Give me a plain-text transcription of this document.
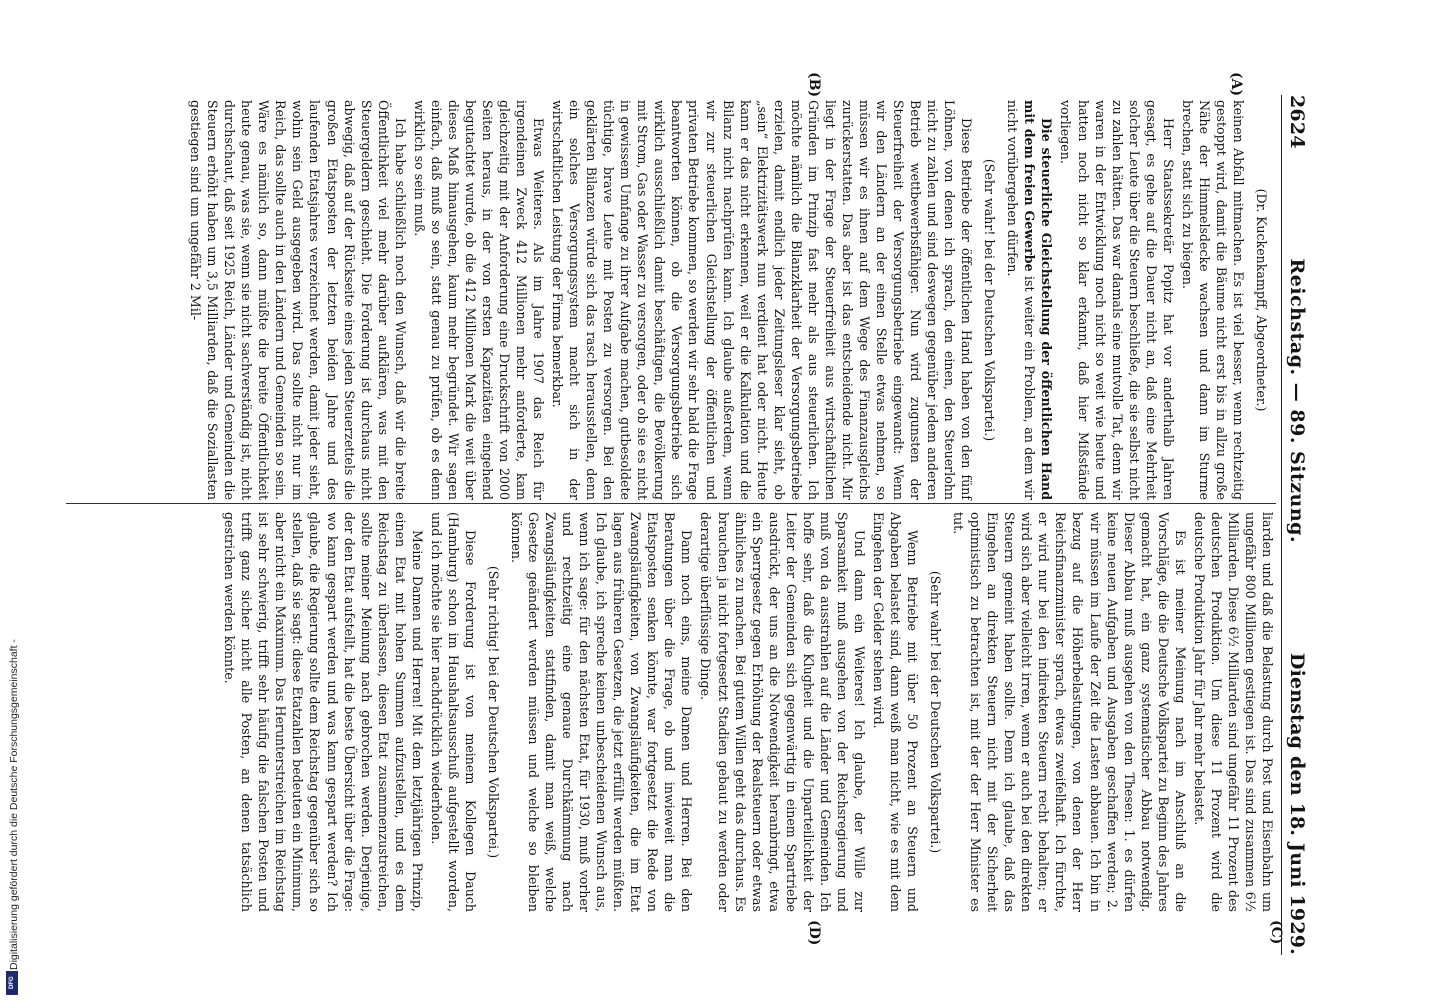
2624
Reichstag. — 89. Sitzung.
Dienstag den 18. Juni 1929.
(A)
(B)
(C)
(D)

(Dr. Kuckenkampff, Abgeordneter.)

keinen Abfall mitmachen. Es ist viel besser, wenn rechtzeitig gestoppt wird, damit die Bäume nicht erst bis in allzu große Nähe der Himmelsdecke wachsen und dann im Sturme brechen, statt sich zu biegen.

Herr Staatssekretär Popitz hat vor anderthalb Jahren gesagt, es gehe auf die Dauer nicht an, daß eine Mehrheit solcher Leute über die Steuern beschließe, die sie selbst nicht zu zahlen hätten. Das war damals eine mutvolle Tat, denn wir waren in der Entwicklung noch nicht so weit wie heute und hatten noch nicht so klar erkannt, daß hier Mißstände vorliegen.

Die steuerliche Gleichstellung der öffentlichen Hand mit dem freien Gewerbe ist weiter ein Problem, an dem wir nicht vorübergehen dürfen.

(Sehr wahr! bei der Deutschen Volkspartei.)

Diese Betriebe der öffentlichen Hand haben von den fünf Löhnen, von denen ich sprach, den einen, den Steuerlohn nicht zu zahlen und sind deswegen gegenüber jedem anderen Betrieb wettbewerbsfähiger. Nun wird zugunsten der Steuerfreiheit der Versorgungsbetriebe eingewandt: Wenn wir den Ländern an der einen Stelle etwas nehmen, so müssen wir es ihnen auf dem Wege des Finanzausgleichs zurückerstatten. Das aber ist das entscheidende nicht. Mir liegt in der Frage der Steuerfreiheit aus wirtschaftlichen Gründen im Prinzip fast mehr als aus steuerlichen. Ich möchte nämlich die Bilanzklarheit der Versorgungsbetriebe erzielen, damit endlich jeder Zeitungsleser klar sieht, ob „sein“ Elektrizitätswerk nun verdient hat oder nicht. Heute kann er das nicht erkennen, weil er die Kalkulation und die Bilanz nicht nachprüfen kann. Ich glaube außerdem, wenn wir zur steuerlichen Gleichstellung der öffentlichen und privaten Betriebe kommen, so werden wir sehr bald die Frage beantworten können, ob die Versorgungsbetriebe sich wirklich ausschließlich damit beschäftigen, die Bevölkerung mit Strom, Gas oder Wasser zu versorgen, oder ob sie es nicht in gewissem Umfange zu ihrer Aufgabe machen, gutbesoldete tüchtige, brave Leute mit Posten zu versorgen. Bei den geklärten Bilanzen würde sich das rasch herausstellen, denn ein solches Versorgungssystem macht sich in der wirtschaftlichen Leistung der Firma bemerkbar.

Etwas Weiteres. Als im Jahre 1907 das Reich für irgendeinen Zweck 412 Millionen mehr anforderte, kam gleichzeitig mit der Anforderung eine Druckschrift von 2000 Seiten heraus, in der von ersten Kapazitäten eingehend begutachtet wurde, ob die 412 Millionen Mark die weit über dieses Maß hinausgehen, kaum mehr begründet. Wir sagen einfach, daß muß so sein, statt genau zu prüfen, ob es denn wirklich so sein muß.

Ich habe schließlich noch den Wunsch, daß wir die breite Öffentlichkeit viel mehr darüber aufklären, was mit den Steuergeldern geschieht. Die Forderung ist durchaus nicht abwegig, daß auf der Rückseite eines jeden Steuerzettels die großen Etatsposten der letzten beiden Jahre und des laufenden Etatsjahres verzeichnet werden, damit jeder sieht, wohin sein Geld ausgegeben wird. Das sollte nicht nur im Reich, das sollte auch in den Ländern und Gemeinden so sein. Wäre es nämlich so, dann müßte die breite Öffentlichkeit heute genau, was sie, wenn sie nicht sachverständig ist, nicht durchschaut, daß seit 1925 Reich, Länder und Gemeinden die Steuern erhöht haben um 3,5 Milliarden, daß die Soziallasten gestiegen sind um ungefähr 2 Mil-

liarden und daß die Belastung durch Post und Eisenbahn um ungefähr 800 Millionen gestiegen ist. Das sind zusammen 6½ Milliarden. Diese 6½ Milliarden sind ungefähr 11 Prozent des deutschen Produktion. Um diese 11 Prozent wird die deutsche Produktion Jahr für Jahr mehr belastet.

Es ist meiner Meinung nach im Anschluß an die Vorschläge, die die Deutsche Volkspartei zu Beginn des Jahres gemacht hat, ein ganz systematischer Abbau notwendig. Dieser Abbau muß ausgehen von den Thesen: 1. es dürfen keine neuen Aufgaben und Ausgaben geschaffen werden; 2. wir müssen im Laufe der Zeit die Lasten abbauen. Ich bin in bezug auf die Höherbelastungen, von denen der Herr Reichsfinanzminister sprach, etwas zweifelhaft. Ich fürchte, er wird nur bei den indirekten Steuern recht behalten; er wird sich aber vielleicht irren, wenn er auch bei den direkten Steuern gemeint haben sollte. Denn ich glaube, daß das Eingehen an direkten Steuern nicht mit der Sicherheit optimistisch zu betrachten ist, mit der der Herr Minister es tut.

(Sehr wahr! bei der Deutschen Volkspartei.)

Wenn Betriebe mit über 50 Prozent an Steuern und Abgaben belastet sind, dann weiß man nicht, wie es mit dem Eingehen der Gelder stehen wird.

Und dann ein Weiteres! Ich glaube, der Wille zur Sparsamkeit muß ausgehen von der Reichsregierung und muß von da ausstrahlen auf die Länder und Gemeinden. Ich hoffe sehr, daß die Klugheit und die Unparteilichkeit der Leiter der Gemeinden sich gegenwärtig in einem Spartriebe ausdrückt, der uns an die Notwendigkeit heranbringt, etwa ein Sperrgesetz gegen Erhöhung der Realsteuern oder etwas ähnliches zu machen. Bei gutem Willen geht das durchaus. Es brauchen ja nicht fortgesetzt Stadien gebaut zu werden oder derartige überflüssige Dinge.

Dann noch eins, meine Damen und Herren. Bei den Beratungen über die Frage, ob und inwieweit man die Etatsposten senken könnte, war fortgesetzt die Rede von Zwangsläufigkeiten, von Zwangsläufigkeiten, die im Etat lagen aus früheren Gesetzen, die jetzt erfüllt werden müßten. Ich glaube, ich spreche keinen unbescheidenen Wunsch aus, wenn ich sage: für den nächsten Etat, für 1930, muß vorher und rechtzeitig eine genaue Durchkämmung nach Zwangsläufigkeiten stattfinden, damit man weiß, welche Gesetze geändert werden müssen und welche so bleiben können.

(Sehr richtig! bei der Deutschen Volkspartei.)

Diese Forderung ist von meinem Kollegen Dauch (Hamburg) schon im Haushaltsausschuß aufgestellt worden, und ich möchte sie hier nachdrücklich wiederholen.

Meine Damen und Herren! Mit dem letztjährigen Prinzip, einen Etat mit hohen Summen aufzustellen, und es dem Reichstag zu überlassen, diesen Etat zusammenzustreichen, sollte meiner Meinung nach gebrochen werden. Derjenige, der den Etat aufstellt, hat die beste Übersicht über die Frage: wo kann gespart werden und was kann gespart werden? Ich glaube, die Regierung sollte dem Reichstag gegenüber sich so stellen, daß sie sagt: diese Etatzahlen bedeuten ein Minimum, aber nicht ein Maximum. Das Herunterstreichen im Reichstag ist sehr schwierig, trifft sehr häufig die falschen Posten und trifft ganz sicher nicht alle Posten, an denen tatsächlich gestrichen werden könnte.

Digitalisierung gefördert durch die Deutsche Forschungsgemeinschaft -
DFG
